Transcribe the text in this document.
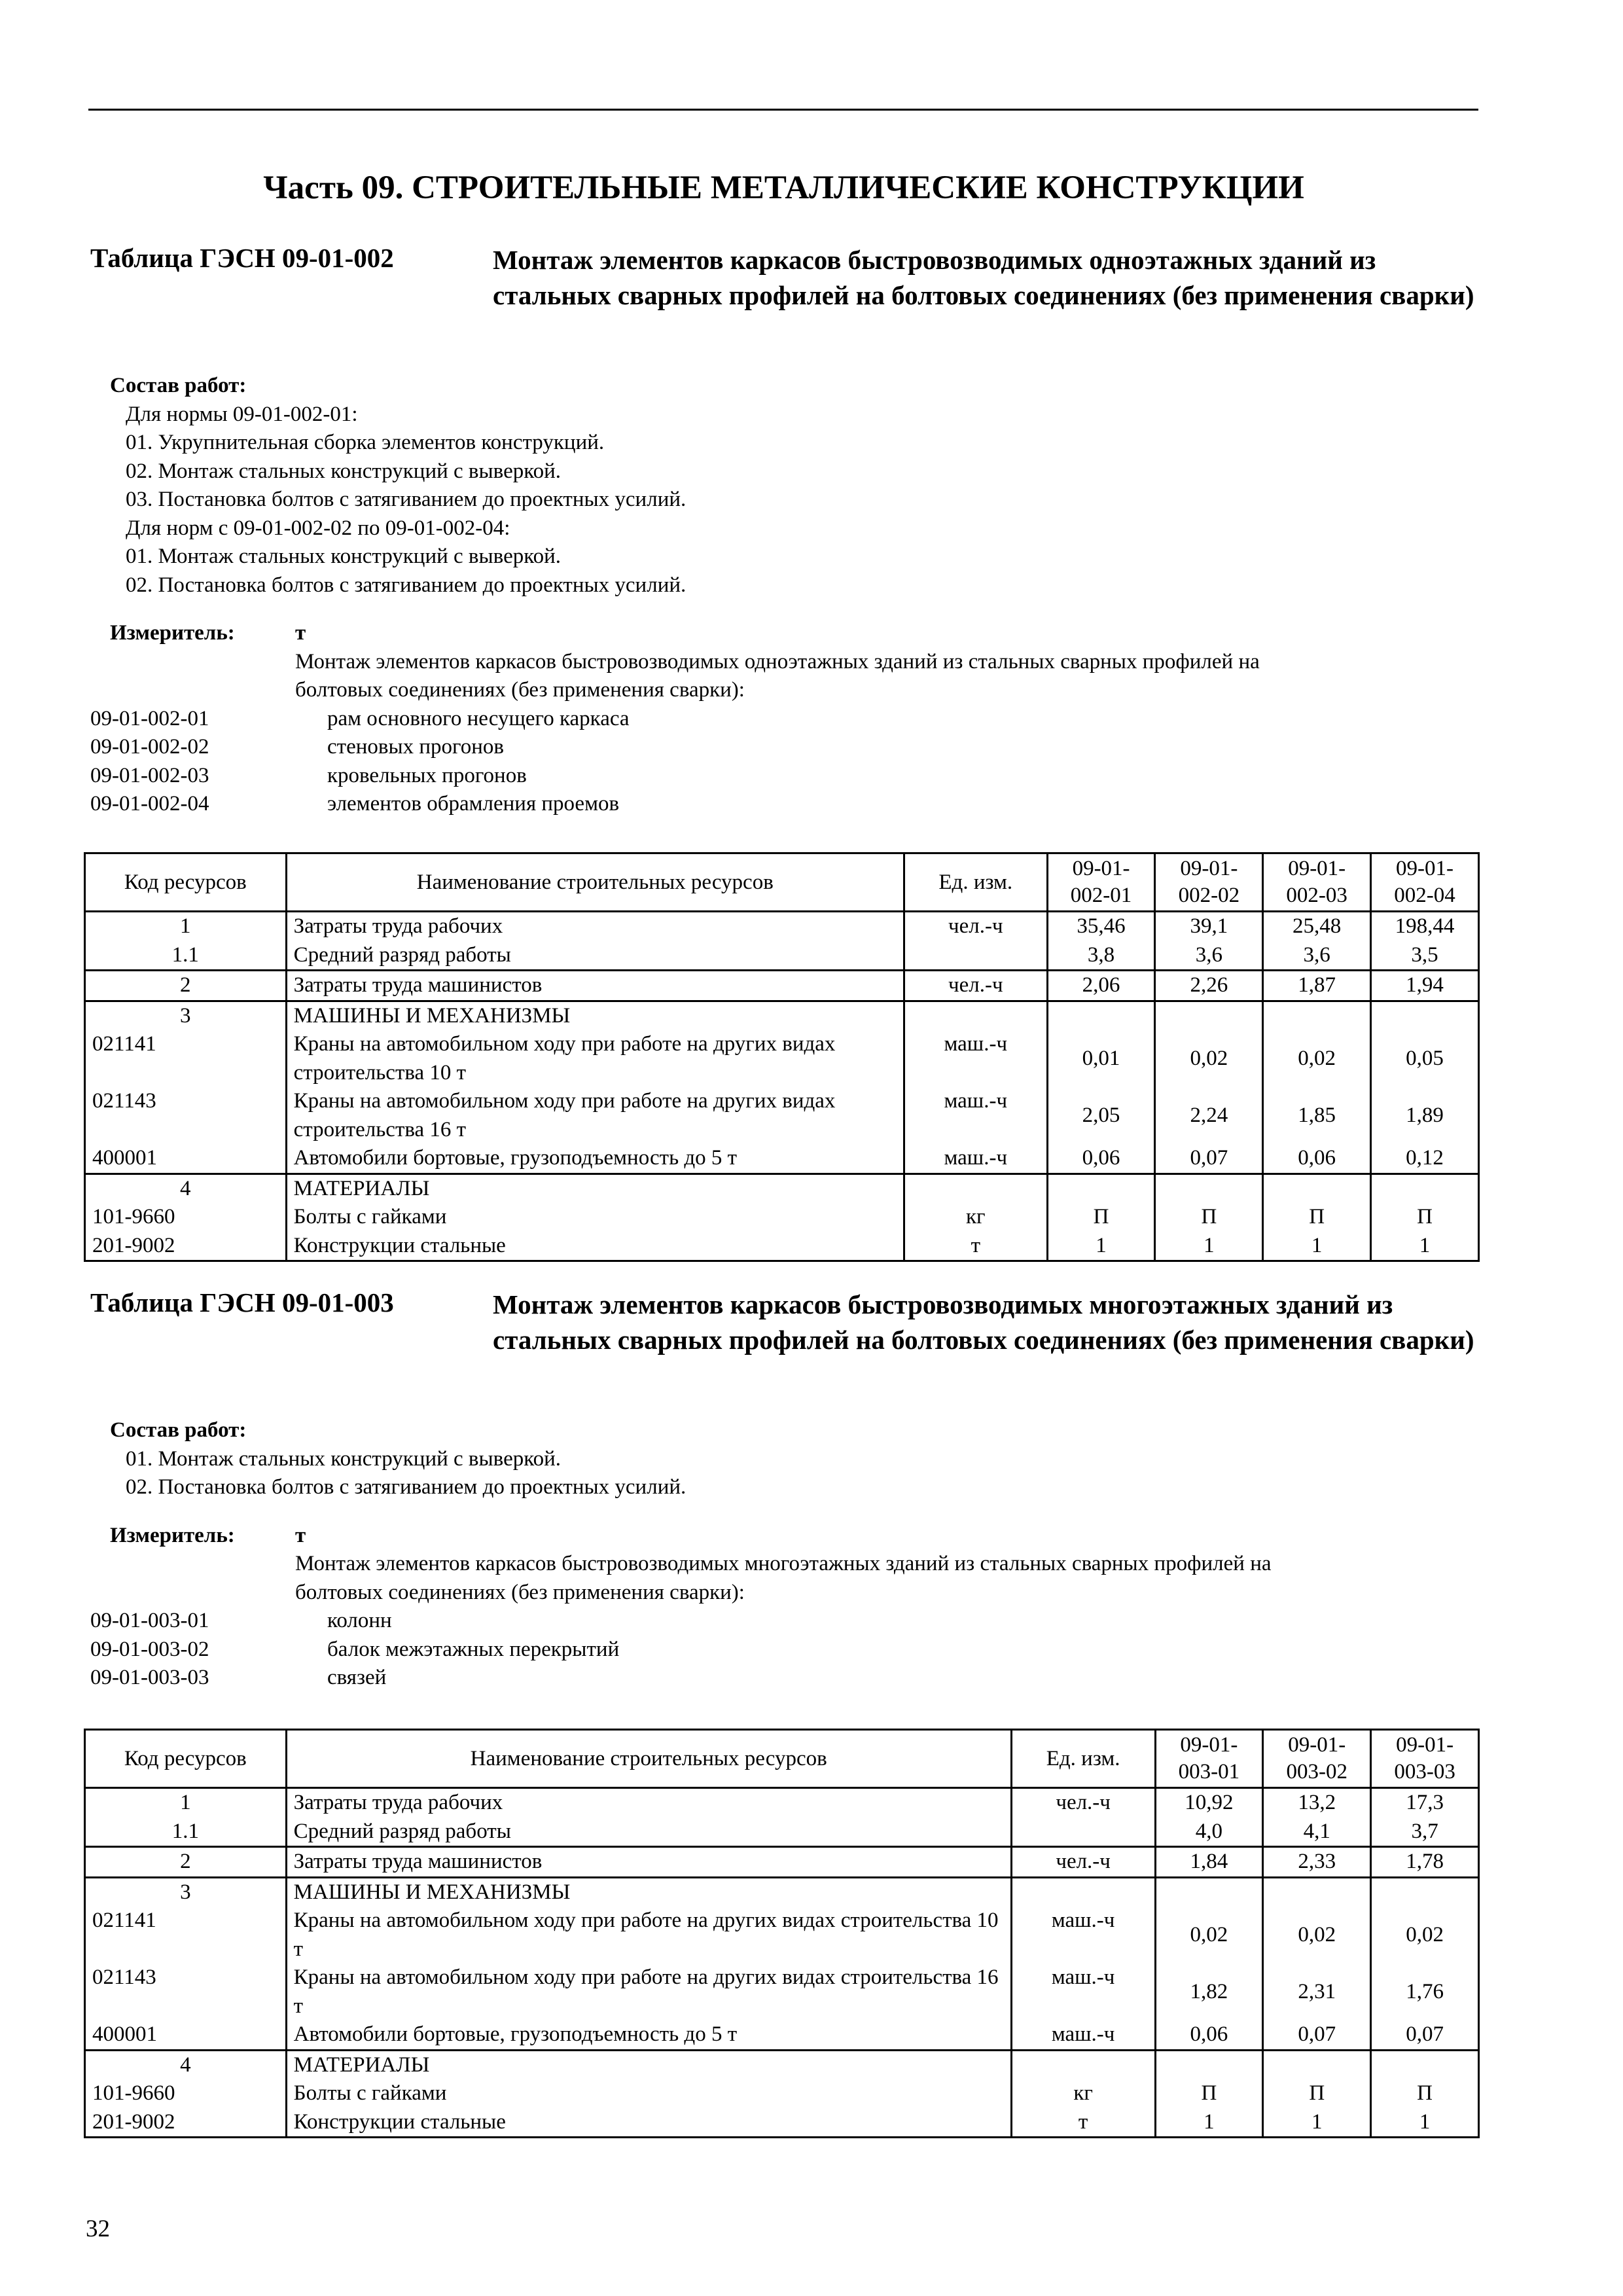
Часть 09. СТРОИТЕЛЬНЫЕ МЕТАЛЛИЧЕСКИЕ КОНСТРУКЦИИ
Таблица ГЭСН 09-01-002	Монтаж элементов каркасов быстровозводимых одноэтажных зданий из стальных сварных профилей на болтовых соединениях (без применения сварки)
Состав работ:
Для нормы 09-01-002-01:
01. Укрупнительная сборка элементов конструкций.
02. Монтаж стальных конструкций с выверкой.
03. Постановка болтов с затягиванием до проектных усилий.
Для норм с 09-01-002-02 по 09-01-002-04:
01. Монтаж стальных конструкций с выверкой.
02. Постановка болтов с затягиванием до проектных усилий.
Измеритель:	т
Монтаж элементов каркасов быстровозводимых одноэтажных зданий из стальных сварных профилей на болтовых соединениях (без применения сварки):
09-01-002-01	рам основного несущего каркаса
09-01-002-02	стеновых прогонов
09-01-002-03	кровельных прогонов
09-01-002-04	элементов обрамления проемов
Код ресурсов	Наименование строительных ресурсов	Ед. изм.	09-01-002-01	09-01-002-02	09-01-002-03	09-01-002-04
1	Затраты труда рабочих	чел.-ч	35,46	39,1	25,48	198,44
1.1	Средний разряд работы		3,8	3,6	3,6	3,5
2	Затраты труда машинистов	чел.-ч	2,06	2,26	1,87	1,94
3	МАШИНЫ И МЕХАНИЗМЫ					
021141	Краны на автомобильном ходу при работе на других видах строительства 10 т	маш.-ч	0,01	0,02	0,02	0,05
021143	Краны на автомобильном ходу при работе на других видах строительства 16 т	маш.-ч	2,05	2,24	1,85	1,89
400001	Автомобили бортовые, грузоподъемность до 5 т	маш.-ч	0,06	0,07	0,06	0,12
4	МАТЕРИАЛЫ					
101-9660	Болты с гайками	кг	П	П	П	П
201-9002	Конструкции стальные	т	1	1	1	1
Таблица ГЭСН 09-01-003	Монтаж элементов каркасов быстровозводимых многоэтажных зданий из стальных сварных профилей на болтовых соединениях (без применения сварки)
Состав работ:
01. Монтаж стальных конструкций с выверкой.
02. Постановка болтов с затягиванием до проектных усилий.
Измеритель:	т
Монтаж элементов каркасов быстровозводимых многоэтажных зданий из стальных сварных профилей на болтовых соединениях (без применения сварки):
09-01-003-01	колонн
09-01-003-02	балок межэтажных перекрытий
09-01-003-03	связей
Код ресурсов	Наименование строительных ресурсов	Ед. изм.	09-01-003-01	09-01-003-02	09-01-003-03
1	Затраты труда рабочих	чел.-ч	10,92	13,2	17,3
1.1	Средний разряд работы		4,0	4,1	3,7
2	Затраты труда машинистов	чел.-ч	1,84	2,33	1,78
3	МАШИНЫ И МЕХАНИЗМЫ				
021141	Краны на автомобильном ходу при работе на других видах строительства 10 т	маш.-ч	0,02	0,02	0,02
021143	Краны на автомобильном ходу при работе на других видах строительства 16 т	маш.-ч	1,82	2,31	1,76
400001	Автомобили бортовые, грузоподъемность до 5 т	маш.-ч	0,06	0,07	0,07
4	МАТЕРИАЛЫ				
101-9660	Болты с гайками	кг	П	П	П
201-9002	Конструкции стальные	т	1	1	1
32
